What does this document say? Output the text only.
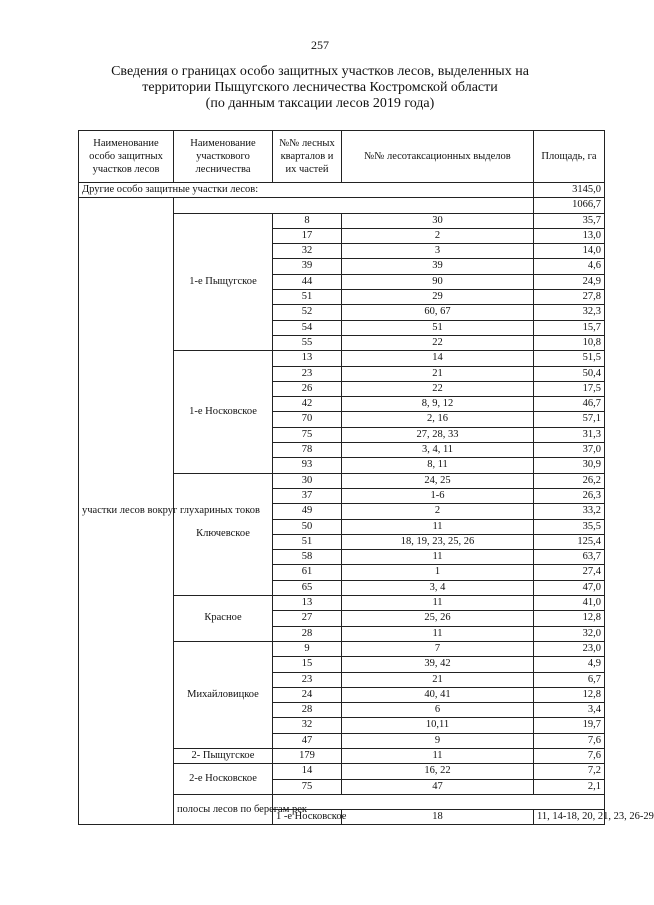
257
Сведения о границах особо защитных участков лесов, выделенных на
территории Пыщугского лесничества Костромской области
(по данным таксации лесов 2019 года)
Наименование особо защитных участков лесов	Наименование участкового лесничества	№№ лесных кварталов и их частей	№№ лесотаксационных выделов	Площадь, га	
Другие особо защитные участки лесов:				3145,0	
участки лесов вокруг глухариных токов				1066,7	
	1-е Пыщугское	8	30	35,7	
		17	2	13,0	
		32	3	14,0	
		39	39	4,6	
		44	90	24,9	
		51	29	27,8	
		52	60, 67	32,3	
		54	51	15,7	
		55	22	10,8	
	1-е Носковское	13	14	51,5	
		23	21	50,4	
		26	22	17,5	
		42	8, 9, 12	46,7	
		70	2, 16	57,1	
		75	27, 28, 33	31,3	
		78	3, 4, 11	37,0	
		93	8, 11	30,9	
	Ключевское	30	24, 25	26,2	
		37	1-6	26,3	
		49	2	33,2	
		50	11	35,5	
		51	18, 19, 23, 25, 26	125,4	
		58	11	63,7	
		61	1	27,4	
		65	3, 4	47,0	
	Красное	13	11	41,0	
		27	25, 26	12,8	
		28	11	32,0	
	Михайловицкое	9	7	23,0	
		15	39, 42	4,9	
		23	21	6,7	
		24	40, 41	12,8	
		28	6	3,4	
		32	10,11	19,7	
		47	9	7,6	
	2- Пыщугское	179	11	7,6	
	2-е Носковское	14	16, 22	7,2	
		75	47	2,1	
	полосы лесов по берегам рек		
		1 -е Носковское	18	11, 14-18, 20, 21, 23, 26-29	
